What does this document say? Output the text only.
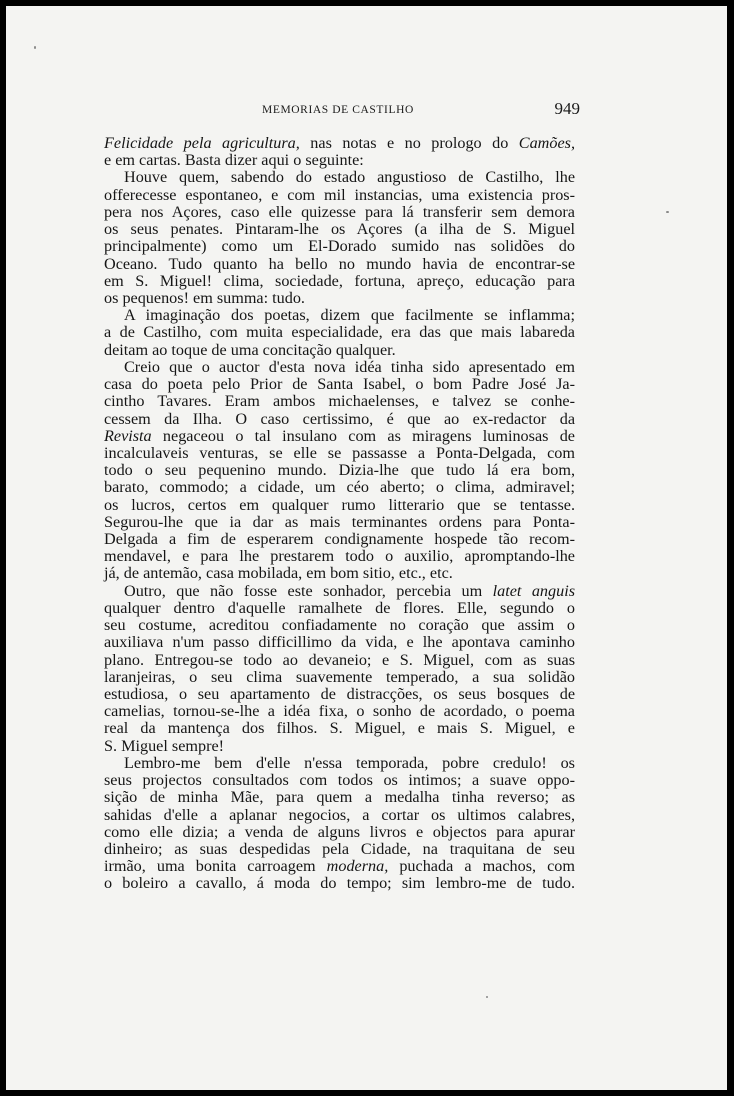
MEMORIAS DE CASTILHO	949
Felicidade pela agricultura, nas notas e no prologo do Camões,
e em cartas. Basta dizer aqui o seguinte:
Houve quem, sabendo do estado angustioso de Castilho, lhe
offerecesse espontaneo, e com mil instancias, uma existencia pros-
pera nos Açores, caso elle quizesse para lá transferir sem demora
os seus penates. Pintaram-lhe os Açores (a ilha de S. Miguel
principalmente) como um El-Dorado sumido nas solidões do
Oceano. Tudo quanto ha bello no mundo havia de encontrar-se
em S. Miguel! clima, sociedade, fortuna, apreço, educação para
os pequenos! em summa: tudo.
A imaginação dos poetas, dizem que facilmente se inflamma;
a de Castilho, com muita especialidade, era das que mais labareda
deitam ao toque de uma concitação qualquer.
Creio que o auctor d'esta nova idéa tinha sido apresentado em
casa do poeta pelo Prior de Santa Isabel, o bom Padre José Ja-
cintho Tavares. Eram ambos michaelenses, e talvez se conhe-
cessem da Ilha. O caso certissimo, é que ao ex-redactor da
Revista negaceou o tal insulano com as miragens luminosas de
incalculaveis venturas, se elle se passasse a Ponta-Delgada, com
todo o seu pequenino mundo. Dizia-lhe que tudo lá era bom,
barato, commodo; a cidade, um céo aberto; o clima, admiravel;
os lucros, certos em qualquer rumo litterario que se tentasse.
Segurou-lhe que ia dar as mais terminantes ordens para Ponta-
Delgada a fim de esperarem condignamente hospede tão recom-
mendavel, e para lhe prestarem todo o auxilio, apromptando-lhe
já, de antemão, casa mobilada, em bom sitio, etc., etc.
Outro, que não fosse este sonhador, percebia um latet anguis
qualquer dentro d'aquelle ramalhete de flores. Elle, segundo o
seu costume, acreditou confiadamente no coração que assim o
auxiliava n'um passo difficillimo da vida, e lhe apontava caminho
plano. Entregou-se todo ao devaneio; e S. Miguel, com as suas
laranjeiras, o seu clima suavemente temperado, a sua solidão
estudiosa, o seu apartamento de distracções, os seus bosques de
camelias, tornou-se-lhe a idéa fixa, o sonho de acordado, o poema
real da mantença dos filhos. S. Miguel, e mais S. Miguel, e
S. Miguel sempre!
Lembro-me bem d'elle n'essa temporada, pobre credulo! os
seus projectos consultados com todos os intimos; a suave oppo-
sição de minha Mãe, para quem a medalha tinha reverso; as
sahidas d'elle a aplanar negocios, a cortar os ultimos calabres,
como elle dizia; a venda de alguns livros e objectos para apurar
dinheiro; as suas despedidas pela Cidade, na traquitana de seu
irmão, uma bonita carroagem moderna, puchada a machos, com
o boleiro a cavallo, á moda do tempo; sim lembro-me de tudo.
